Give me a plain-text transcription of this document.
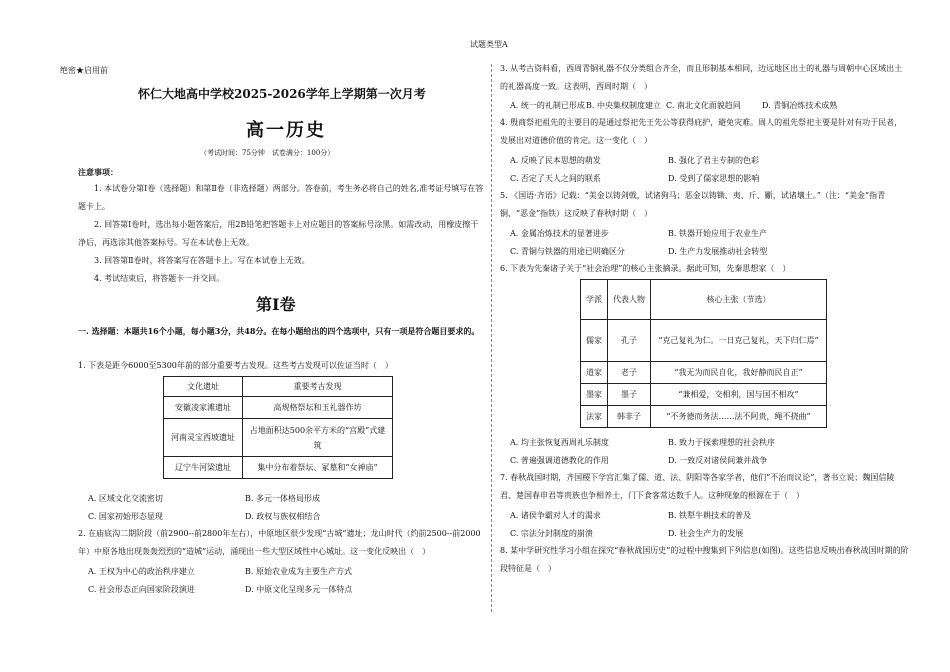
试题类型A
绝密★启用前
怀仁大地高中学校2025-2026学年上学期第一次月考
高一历史
（考试时间：75分钟　试卷满分：100分）
注意事项：
1. 本试卷分第Ⅰ卷（选择题）和第Ⅱ卷（非选择题）两部分。答卷前，考生务必将自己的姓名,准考证号填写在答题卡上。
2. 回答第Ⅰ卷时，选出每小题答案后，用2B铅笔把答题卡上对应题目的答案标号涂黑。如需改动，用橡皮擦干净后，再选涂其他答案标号。写在本试卷上无效。
3. 回答第Ⅱ卷时，将答案写在答题卡上。写在本试卷上无效。
4. 考试结束后，将答题卡一并交回。
第Ⅰ卷
一. 选择题：本题共16个小题，每小题3分，共48分。在每小题给出的四个选项中，只有一项是符合题目要求的。
1. 下表是距今6000至5300年前的部分重要考古发现。这些考古发现可以佐证当时（　）
文化遗址	重要考古发现
安徽凌家滩遗址	高规格祭坛和玉礼器作坊
河南灵宝西坡遗址	占地面积达500余平方米的“宫殿”式建筑
辽宁牛河梁遗址	集中分布着祭坛、冢墓和“女神庙”
A. 区域文化交流密切	B. 多元一体格局形成
C. 国家初始形态显现	D. 政权与族权相结合
2. 在庙底沟二期阶段（前2900--前2800年左右），中原地区很少发现“古城”遗址；龙山时代（约前2500--前2000年）中原各地出现轰轰烈烈的“造城”运动，涌现出一些大型区域性中心城址。这一变化反映出（　）
A. 王权为中心的政治秩序建立	B. 原始农业成为主要生产方式
C. 社会形态正向国家阶段演进	D. 中原文化呈现多元一体特点
3. 从考古资料看，西周青铜礼器不仅分类组合齐全，而且形制基本相同，边远地区出土的礼器与周朝中心区域出土的礼器高度一致。这表明，西周时期（　）
A. 统一的礼制已形成 B. 中央集权制度建立 C. 南北文化面貌趋同	D. 青铜冶炼技术成熟
4. 殷商祭祀祖先的主要目的是通过祭祀先王先公等获得庇护，避免灾难。周人的祖先祭祀主要是针对有功于民者，发展出对道德价值的肯定。这一变化（　）
A. 反映了民本思想的萌发	B. 强化了君主专制的色彩
C. 否定了天人之间的联系	D. 受到了儒家思想的影响
5. 《国语·齐语》记载：“美金以铸剑戟，试诸狗马；恶金以铸锄、夷、斤、斸，试诸壤土。”（注：“美金”指青铜，“恶金”指铁）这反映了春秋时期（　）
A. 金属冶炼技术的显著进步	B. 铁器开始应用于农业生产
C. 青铜与铁器的用途已明确区分	D. 生产力发展推动社会转型
6. 下表为先秦诸子关于“社会治理”的核心主张摘录。据此可知，先秦思想家（　）
学派	代表人物	核心主张（节选）
儒家	孔子	“克己复礼为仁。一日克己复礼，天下归仁焉”
道家	老子	“我无为而民自化，我好静而民自正”
墨家	墨子	“兼相爱，交相利，国与国不相攻”
法家	韩非子	“不务德而务法……法不阿贵，绳不挠曲”
A. 均主张恢复西周礼乐制度	B. 致力于探索理想的社会秩序
C. 普遍强调道德教化的作用	D. 一致反对诸侯间兼并战争
7. 春秋战国时期，齐国稷下学宫汇集了儒、道、法、阴阳等各家学者，他们“不治而议论”，著书立说；魏国信陵君、楚国春申君等贵族也争相养士，门下食客常达数千人。这种现象的根源在于（　）
A. 诸侯争霸对人才的渴求	B. 铁犁牛耕技术的普及
C. 宗法分封制度的崩溃	D. 社会生产力的发展
8. 某中学研究性学习小组在探究“春秋战国历史”的过程中搜集到下列信息(如图)。这些信息反映出春秋战国时期的阶段特征是（　）
